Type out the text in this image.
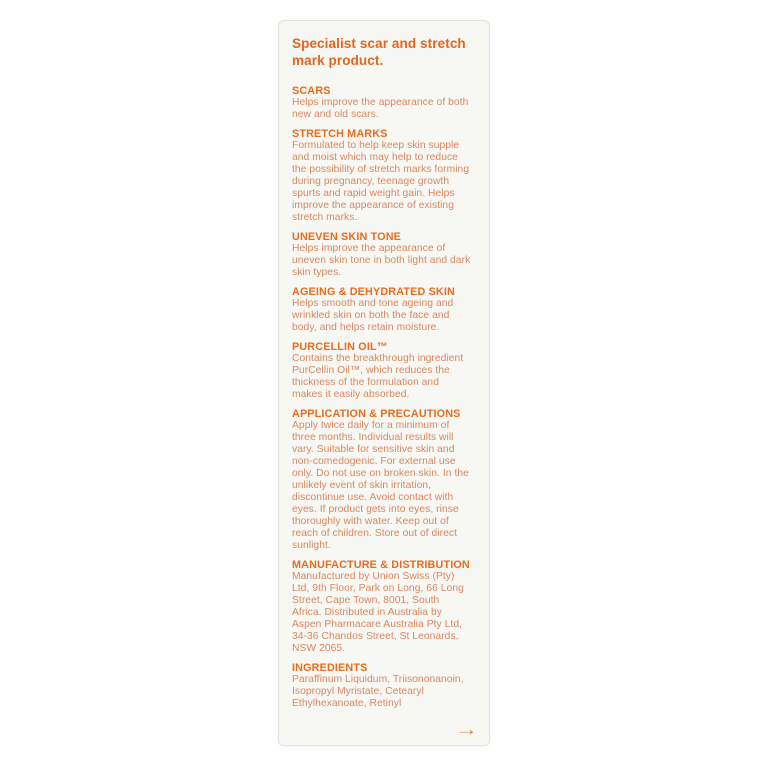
Specialist scar and stretch mark product.
SCARS

Helps improve the appearance of both new and old scars.

STRETCH MARKS

Formulated to help keep skin supple and moist which may help to reduce the possibility of stretch marks forming during pregnancy, teenage growth spurts and rapid weight gain. Helps improve the appearance of existing stretch marks.

UNEVEN SKIN TONE

Helps improve the appearance of uneven skin tone in both light and dark skin types.

AGEING & DEHYDRATED SKIN

Helps smooth and tone ageing and wrinkled skin on both the face and body, and helps retain moisture.

PURCELLIN OIL™

Contains the breakthrough ingredient PurCellin Oil™, which reduces the thickness of the formulation and makes it easily absorbed.

APPLICATION & PRECAUTIONS

Apply twice daily for a minimum of three months. Individual results will vary. Suitable for sensitive skin and non-comedogenic. For external use only. Do not use on broken skin. In the unlikely event of skin irritation, discontinue use. Avoid contact with eyes. If product gets into eyes, rinse thoroughly with water. Keep out of reach of children. Store out of direct sunlight.

MANUFACTURE & DISTRIBUTION

Manufactured by Union Swiss (Pty) Ltd, 9th Floor, Park on Long, 66 Long Street, Cape Town, 8001, South Africa. Distributed in Australia by Aspen Pharmacare Australia Pty Ltd, 34-36 Chandos Street, St Leonards, NSW 2065.

INGREDIENTS

Paraffinum Liquidum, Triisononanoin, Isopropyl Myristate, Cetearyl Ethylhexanoate, Retinyl

→
